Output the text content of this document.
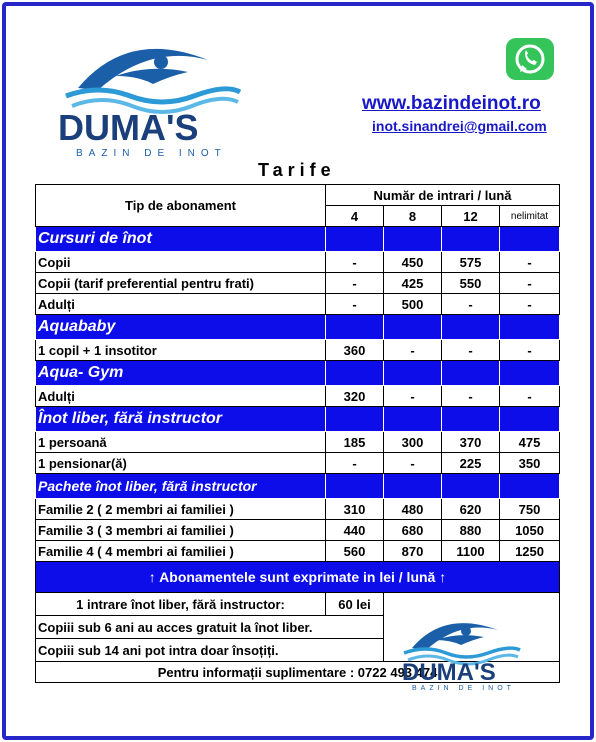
DUMA'S
BAZIN DE INOT
www.bazindeinot.ro
inot.sinandrei@gmail.com
Tarife
Tip de abonament	Număr de intrari / lună			
	4	8	12	nelimitat
Cursuri de înot				
Copii	-	450	575	-
Copii (tarif preferential pentru frati)	-	425	550	-
Adulți	-	500	-	-
Aquababy				
1 copil + 1 insotitor	360	-	-	-
Aqua- Gym				
Adulți	320	-	-	-
Înot liber, fără instructor				
1 persoană	185	300	370	475
1 pensionar(ă)	-	-	225	350
Pachete înot liber, fără instructor				
Familie 2 ( 2 membri ai familiei )	310	480	620	750
Familie 3 ( 3 membri ai familiei )	440	680	880	1050
Familie 4 ( 4 membri ai familiei )	560	870	1100	1250
↑ Abonamentele sunt exprimate in lei / lună ↑				
1 intrare înot liber, fără instructor:	60 lei			
Copiii sub 6 ani au acces gratuit la înot liber.				
Copiii sub 14 ani pot intra doar însoțiți.				
Pentru informații suplimentare : 0722 493 474				
DUMA'S
BAZIN DE INOT
